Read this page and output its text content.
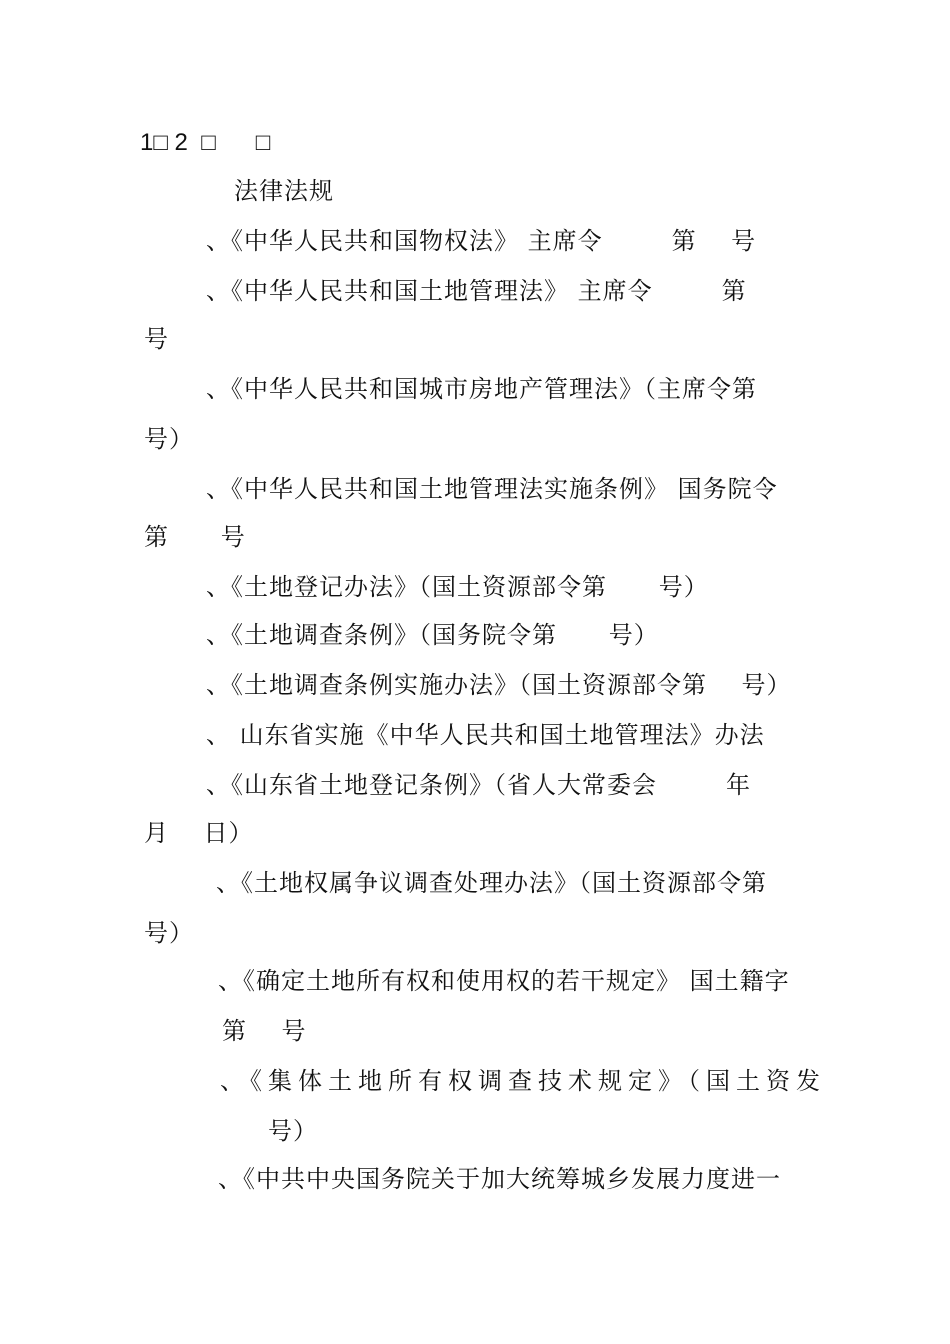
1□ 2  □      □
法律法规
、《中华人民共和国物权法》 主席令        第    号
、《中华人民共和国土地管理法》 主席令        第
号
、《中华人民共和国城市房地产管理法》（主席令第
号）
、《中华人民共和国土地管理法实施条例》 国务院令
第      号
、《土地登记办法》（国土资源部令第      号）
、《土地调查条例》（国务院令第      号）
、《土地调查条例实施办法》（国土资源部令第    号）
、 山东省实施《中华人民共和国土地管理法》办法
、《山东省土地登记条例》（省人大常委会        年
月    日）
、《土地权属争议调查处理办法》（国土资源部令第
号）
、《确定土地所有权和使用权的若干规定》 国土籍字
第    号
、《集体土地所有权调查技术规定》（国土资发
号）
、《中共中央国务院关于加大统筹城乡发展力度进一
